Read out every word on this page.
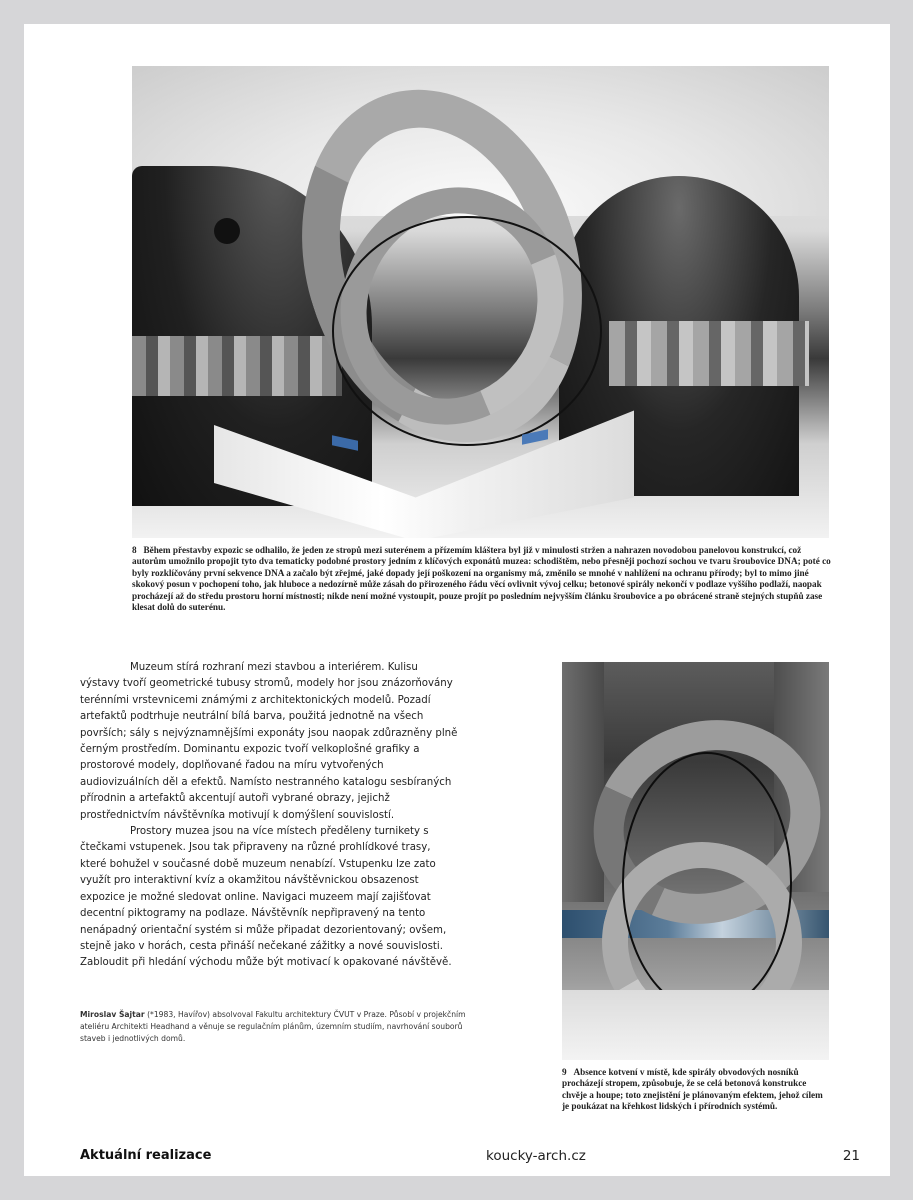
8 Během přestavby expozic se odhalilo, že jeden ze stropů mezi suterénem a přízemím kláštera byl již v minulosti stržen a nahrazen novodobou panelovou konstrukcí, což autorům umožnilo propojit tyto dva tematicky podobné prostory jedním z klíčových exponátů muzea: schodištěm, nebo přesněji pochozí sochou ve tvaru šroubovice DNA; poté co byly rozklíčovány první sekvence DNA a začalo být zřejmé, jaké dopady její poškození na organismy má, změnilo se mnohé v nahlížení na ochranu přírody; byl to mimo jiné skokový posun v pochopení toho, jak hluboce a nedozírně může zásah do přirozeného řádu věcí ovlivnit vývoj celku; betonové spirály nekončí v podlaze vyššího podlaží, naopak procházejí až do středu prostoru horní místnosti; nikde není možné vystoupit, pouze projít po posledním nejvyšším článku šroubovice a po obrácené straně stejných stupňů zase klesat dolů do suterénu.

Muzeum stírá rozhraní mezi stavbou a interiérem. Kulisu výstavy tvoří geometrické tubusy stromů, modely hor jsou znázorňovány terénními vrstevnicemi známými z architektonických modelů. Pozadí artefaktů podtrhuje neutrální bílá barva, použitá jednotně na všech površích; sály s nejvýznamnějšími exponáty jsou naopak zdůrazněny plně černým prostředím. Dominantu expozic tvoří velkoplošné grafiky a prostorové modely, doplňované řadou na míru vytvořených audiovizuálních děl a efektů. Namísto nestranného katalogu sesbíraných přírodnin a artefaktů akcentují autoři vybrané obrazy, jejichž prostřednictvím návštěvníka motivují k domýšlení souvislostí.

Prostory muzea jsou na více místech předěleny turnikety s čtečkami vstupenek. Jsou tak připraveny na různé prohlídkové trasy, které bohužel v současné době muzeum nenabízí. Vstupenku lze zato využít pro interaktivní kvíz a okamžitou návštěvnickou obsazenost expozice je možné sledovat online. Navigaci muzeem mají zajišťovat decentní piktogramy na podlaze. Návštěvník nepřipravený na tento nenápadný orientační systém si může připadat dezorientovaný; ovšem, stejně jako v horách, cesta přináší nečekané zážitky a nové souvislosti. Zabloudit při hledání východu může být motivací k opakované návštěvě.

Miroslav Šajtar (*1983, Havířov) absolvoval Fakultu architektury ČVUT v Praze. Působí v projekčním ateliéru Architekti Headhand a věnuje se regulačním plánům, územním studiím, navrhování souborů staveb i jednotlivých domů.

9 Absence kotvení v místě, kde spirály obvodových nosníků procházejí stropem, způsobuje, že se celá betonová konstrukce chvěje a houpe; toto znejistění je plánovaným efektem, jehož cílem je poukázat na křehkost lidských i přírodních systémů.

Aktuální realizace	koucky-arch.cz	21
